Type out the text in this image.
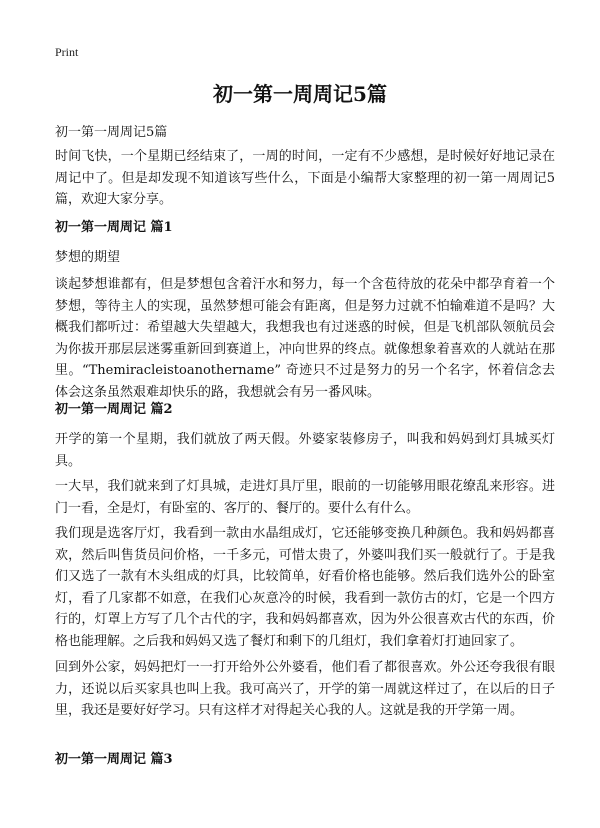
Print
初一第一周周记5篇
初一第一周周记5篇
时间飞快，一个星期已经结束了，一周的时间，一定有不少感想，是时候好好地记录在周记中了。但是却发现不知道该写些什么，下面是小编帮大家整理的初一第一周周记5篇，欢迎大家分享。
初一第一周周记 篇1
梦想的期望
谈起梦想谁都有，但是梦想包含着汗水和努力，每一个含苞待放的花朵中都孕育着一个梦想，等待主人的实现，虽然梦想可能会有距离，但是努力过就不怕输难道不是吗？大概我们都听过：希望越大失望越大，我想我也有过迷惑的时候，但是飞机部队领航员会为你拔开那层层迷雾重新回到赛道上，冲向世界的终点。就像想象着喜欢的人就站在那里。“Themiracleistoanothername” 奇迹只不过是努力的另一个名字，怀着信念去体会这条虽然艰难却快乐的路，我想就会有另一番风味。
初一第一周周记 篇2
开学的第一个星期，我们就放了两天假。外婆家装修房子，叫我和妈妈到灯具城买灯具。
一大早，我们就来到了灯具城，走进灯具厅里，眼前的一切能够用眼花缭乱来形容。进门一看，全是灯，有卧室的、客厅的、餐厅的。要什么有什么。
我们现是选客厅灯，我看到一款由水晶组成灯，它还能够变换几种颜色。我和妈妈都喜欢，然后叫售货员问价格，一千多元，可惜太贵了，外婆叫我们买一般就行了。于是我们又选了一款有木头组成的灯具，比较简单，好看价格也能够。然后我们选外公的卧室灯，看了几家都不如意，在我们心灰意冷的时候，我看到一款仿古的灯，它是一个四方行的，灯罩上方写了几个古代的字，我和妈妈都喜欢，因为外公很喜欢古代的东西，价格也能理解。之后我和妈妈又选了餐灯和剩下的几组灯，我们拿着灯打迪回家了。
回到外公家，妈妈把灯一一打开给外公外婆看，他们看了都很喜欢。外公还夸我很有眼力，还说以后买家具也叫上我。我可高兴了，开学的第一周就这样过了，在以后的日子里，我还是要好好学习。只有这样才对得起关心我的人。这就是我的开学第一周。
初一第一周周记 篇3
